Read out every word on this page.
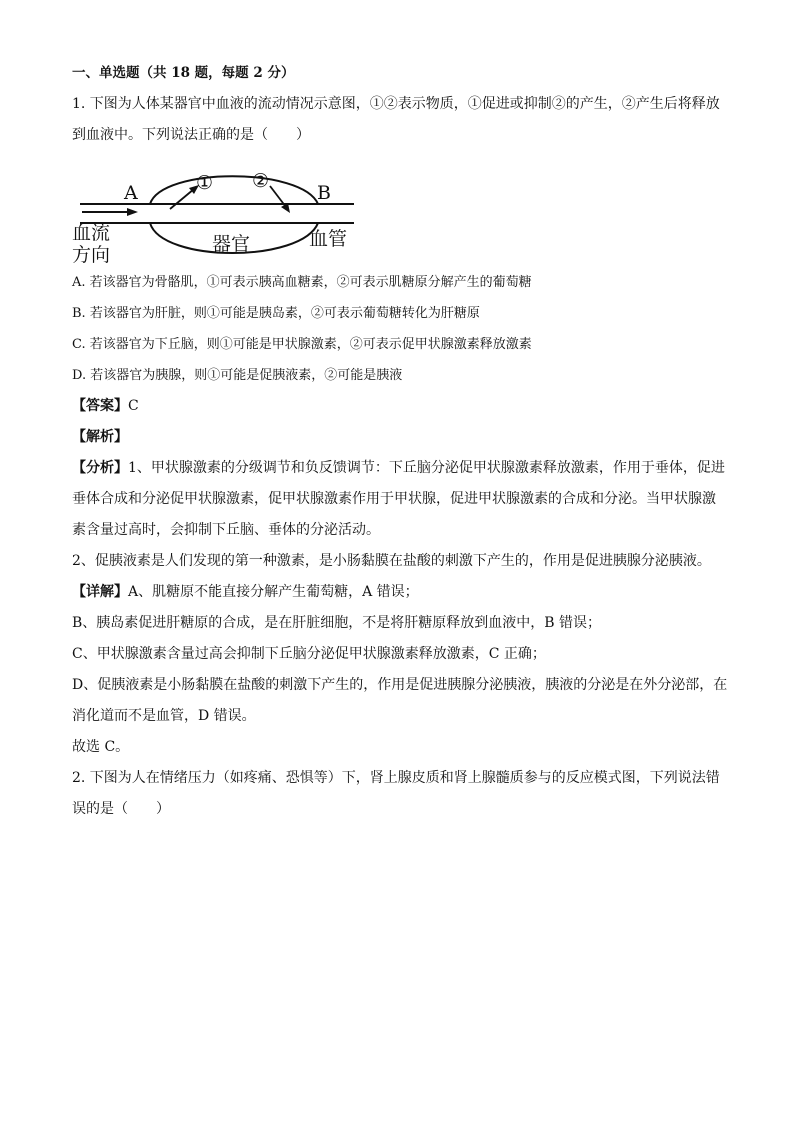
一、单选题（共 18 题，每题 2 分）
1. 下图为人体某器官中血液的流动情况示意图，①②表示物质，①促进或抑制②的产生，②产生后将释放
到血液中。下列说法正确的是（　　）
A	B
① ②
血流
方向	器官	血管
A. 若该器官为骨骼肌，①可表示胰高血糖素，②可表示肌糖原分解产生的葡萄糖
B. 若该器官为肝脏，则①可能是胰岛素，②可表示葡萄糖转化为肝糖原
C. 若该器官为下丘脑，则①可能是甲状腺激素，②可表示促甲状腺激素释放激素
D. 若该器官为胰腺，则①可能是促胰液素，②可能是胰液
【答案】C
【解析】
【分析】1、甲状腺激素的分级调节和负反馈调节：下丘脑分泌促甲状腺激素释放激素，作用于垂体，促进
垂体合成和分泌促甲状腺激素，促甲状腺激素作用于甲状腺，促进甲状腺激素的合成和分泌。当甲状腺激
素含量过高时，会抑制下丘脑、垂体的分泌活动。
2、促胰液素是人们发现的第一种激素，是小肠黏膜在盐酸的刺激下产生的，作用是促进胰腺分泌胰液。
【详解】A、肌糖原不能直接分解产生葡萄糖，A 错误；
B、胰岛素促进肝糖原的合成，是在肝脏细胞，不是将肝糖原释放到血液中，B 错误；
C、甲状腺激素含量过高会抑制下丘脑分泌促甲状腺激素释放激素，C 正确；
D、促胰液素是小肠黏膜在盐酸的刺激下产生的，作用是促进胰腺分泌胰液，胰液的分泌是在外分泌部，在
消化道而不是血管，D 错误。
故选 C。
2. 下图为人在情绪压力（如疼痛、恐惧等）下，肾上腺皮质和肾上腺髓质参与的反应模式图，下列说法错
误的是（　　）
